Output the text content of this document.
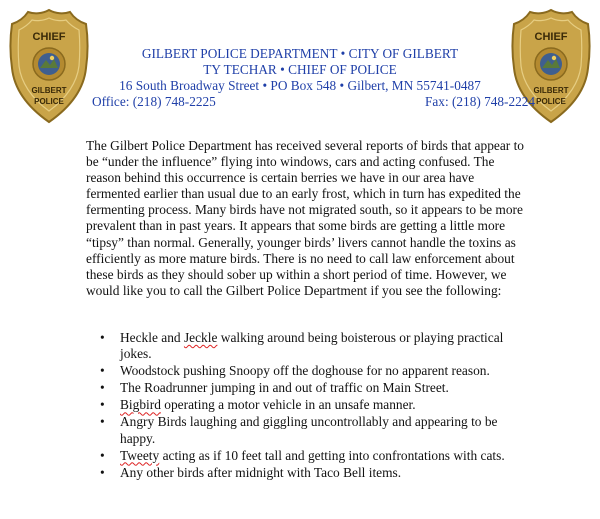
CHIEF
GILBERT
POLICE
CHIEF
GILBERT
POLICE
GILBERT POLICE DEPARTMENT • CITY OF GILBERT
TY TECHAR • CHIEF OF POLICE
16 South Broadway Street • PO Box 548 • Gilbert, MN 55741-0487
Office: (218) 748-2225	Fax: (218) 748-2224

The Gilbert Police Department has received several reports of birds that appear to be “under the influence” flying into windows, cars and acting confused. The reason behind this occurrence is certain berries we have in our area have fermented earlier than usual due to an early frost, which in turn has expedited the fermenting process. Many birds have not migrated south, so it appears to be more prevalent than in past years. It appears that some birds are getting a little more “tipsy” than normal. Generally, younger birds’ livers cannot handle the toxins as efficiently as more mature birds. There is no need to call law enforcement about these birds as they should sober up within a short period of time. However, we would like you to call the Gilbert Police Department if you see the following:

• Heckle and Jeckle walking around being boisterous or playing practical jokes.
• Woodstock pushing Snoopy off the doghouse for no apparent reason.
• The Roadrunner jumping in and out of traffic on Main Street.
• Bigbird operating a motor vehicle in an unsafe manner.
• Angry Birds laughing and giggling uncontrollably and appearing to be happy.
• Tweety acting as if 10 feet tall and getting into confrontations with cats.
• Any other birds after midnight with Taco Bell items.
